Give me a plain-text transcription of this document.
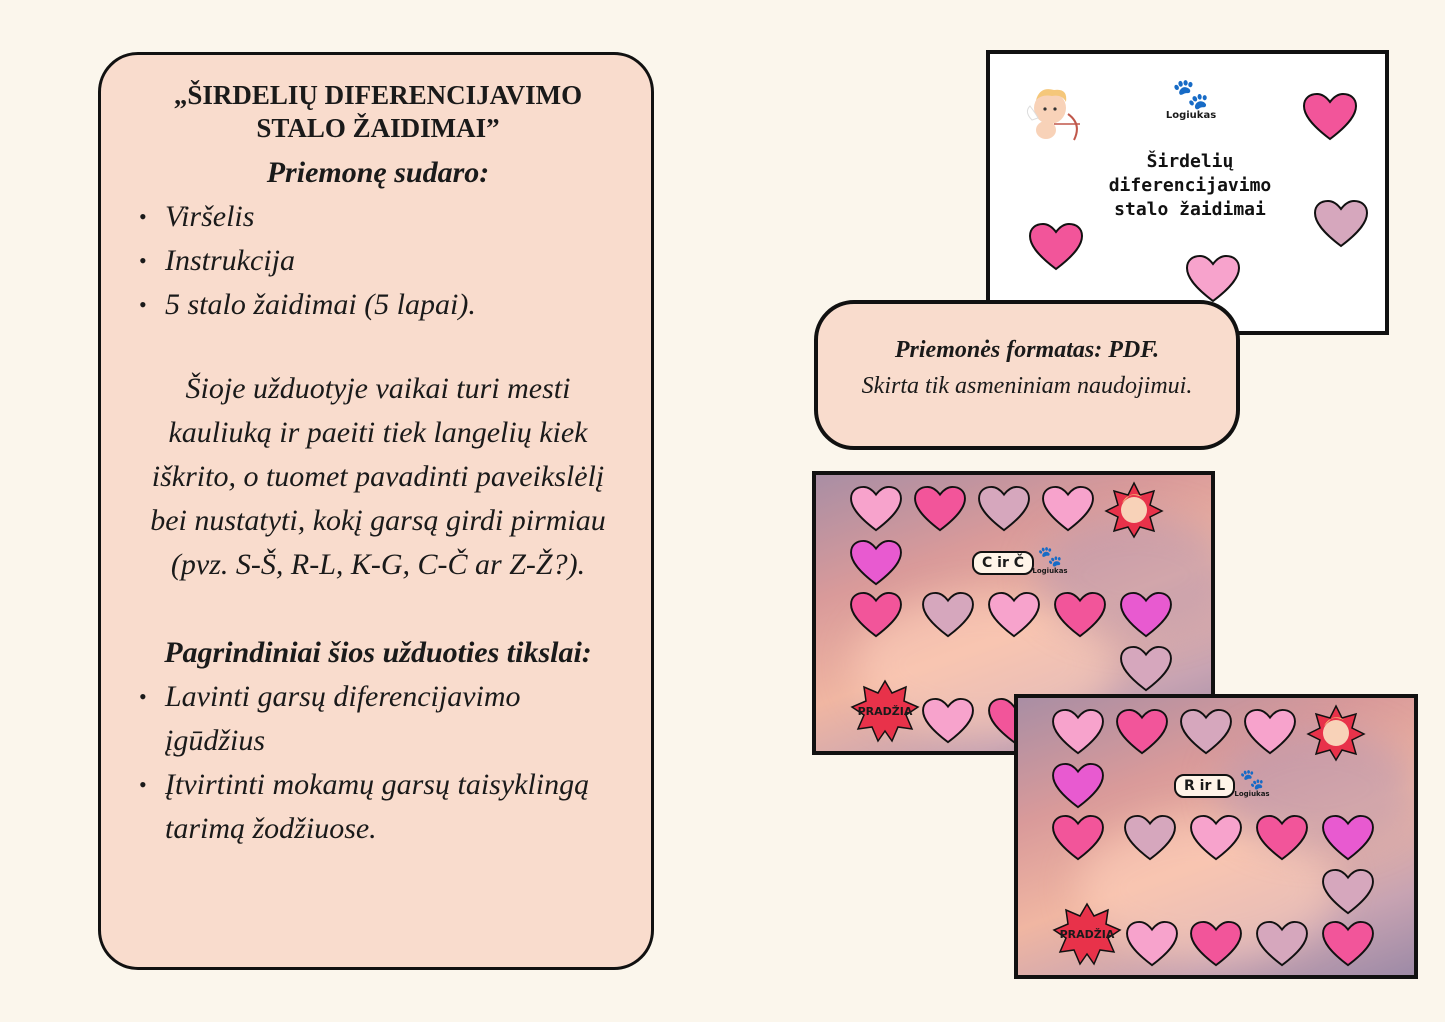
„ŠIRDELIŲ DIFERENCIJAVIMO
STALO ŽAIDIMAI”
Priemonę sudaro:
• Viršelis
• Instrukcija
• 5 stalo žaidimai (5 lapai).
Šioje užduotyje vaikai turi mesti
kauliuką ir paeiti tiek langelių kiek
iškrito, o tuomet pavadinti paveikslėlį
bei nustatyti, kokį garsą girdi pirmiau
(pvz. S-Š, R-L, K-G, C-Č ar Z-Ž?).
Pagrindiniai šios užduoties tikslai:
• Lavinti garsų diferencijavimo
įgūdžius
• Įtvirtinti mokamų garsų taisyklingą
tarimą žodžiuose.
🐾
Logiukas
Širdelių
diferencijavimo
stalo žaidimai
Priemonės formatas: PDF.
Skirta tik asmeniniam naudojimui.
C ir Č 🐾
Logiukas
PRADŽIA
R ir L 🐾
Logiukas
PRADŽIA
